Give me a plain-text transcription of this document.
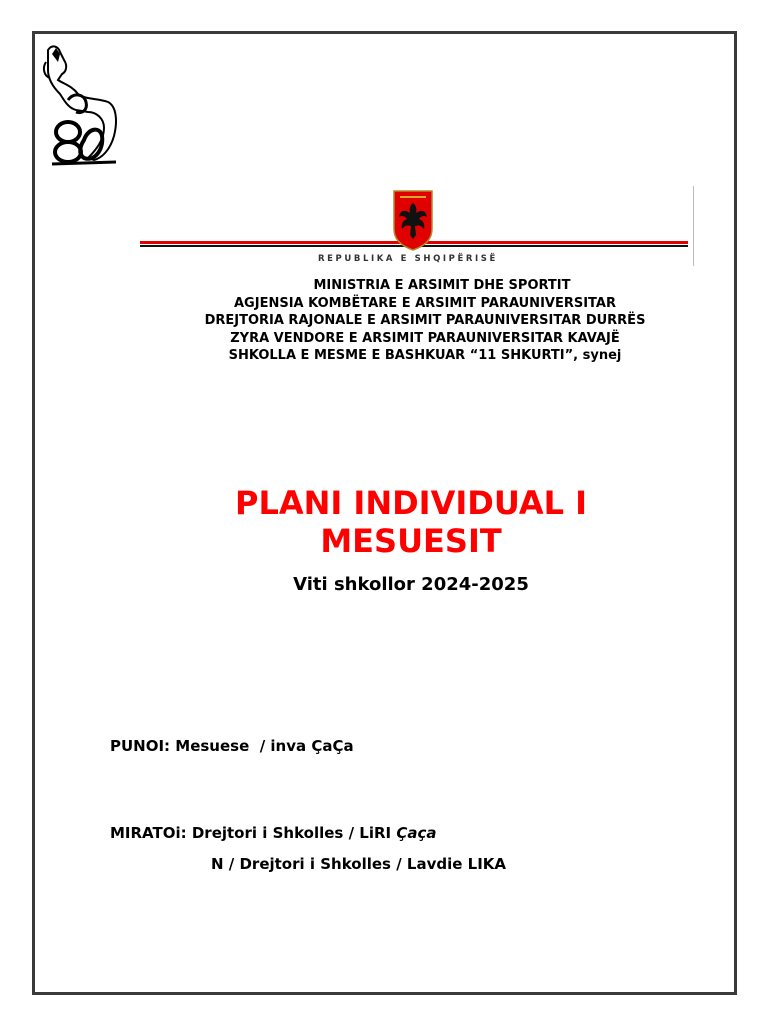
REPUBLIKA E SHQIPËRISË
MINISTRIA E ARSIMIT DHE SPORTIT
AGJENSIA KOMBËTARE E ARSIMIT PARAUNIVERSITAR
DREJTORIA RAJONALE E ARSIMIT PARAUNIVERSITAR DURRËS
ZYRA VENDORE E ARSIMIT PARAUNIVERSITAR KAVAJË
SHKOLLA E MESME E BASHKUAR “11 SHKURTI”, synej
PLANI INDIVIDUAL I
MESUESIT
Viti shkollor 2024-2025
PUNOI: Mesuese  / inva ÇaÇa
MIRATOi: Drejtori i Shkolles / LiRI Çaça
N / Drejtori i Shkolles / Lavdie LIKA
